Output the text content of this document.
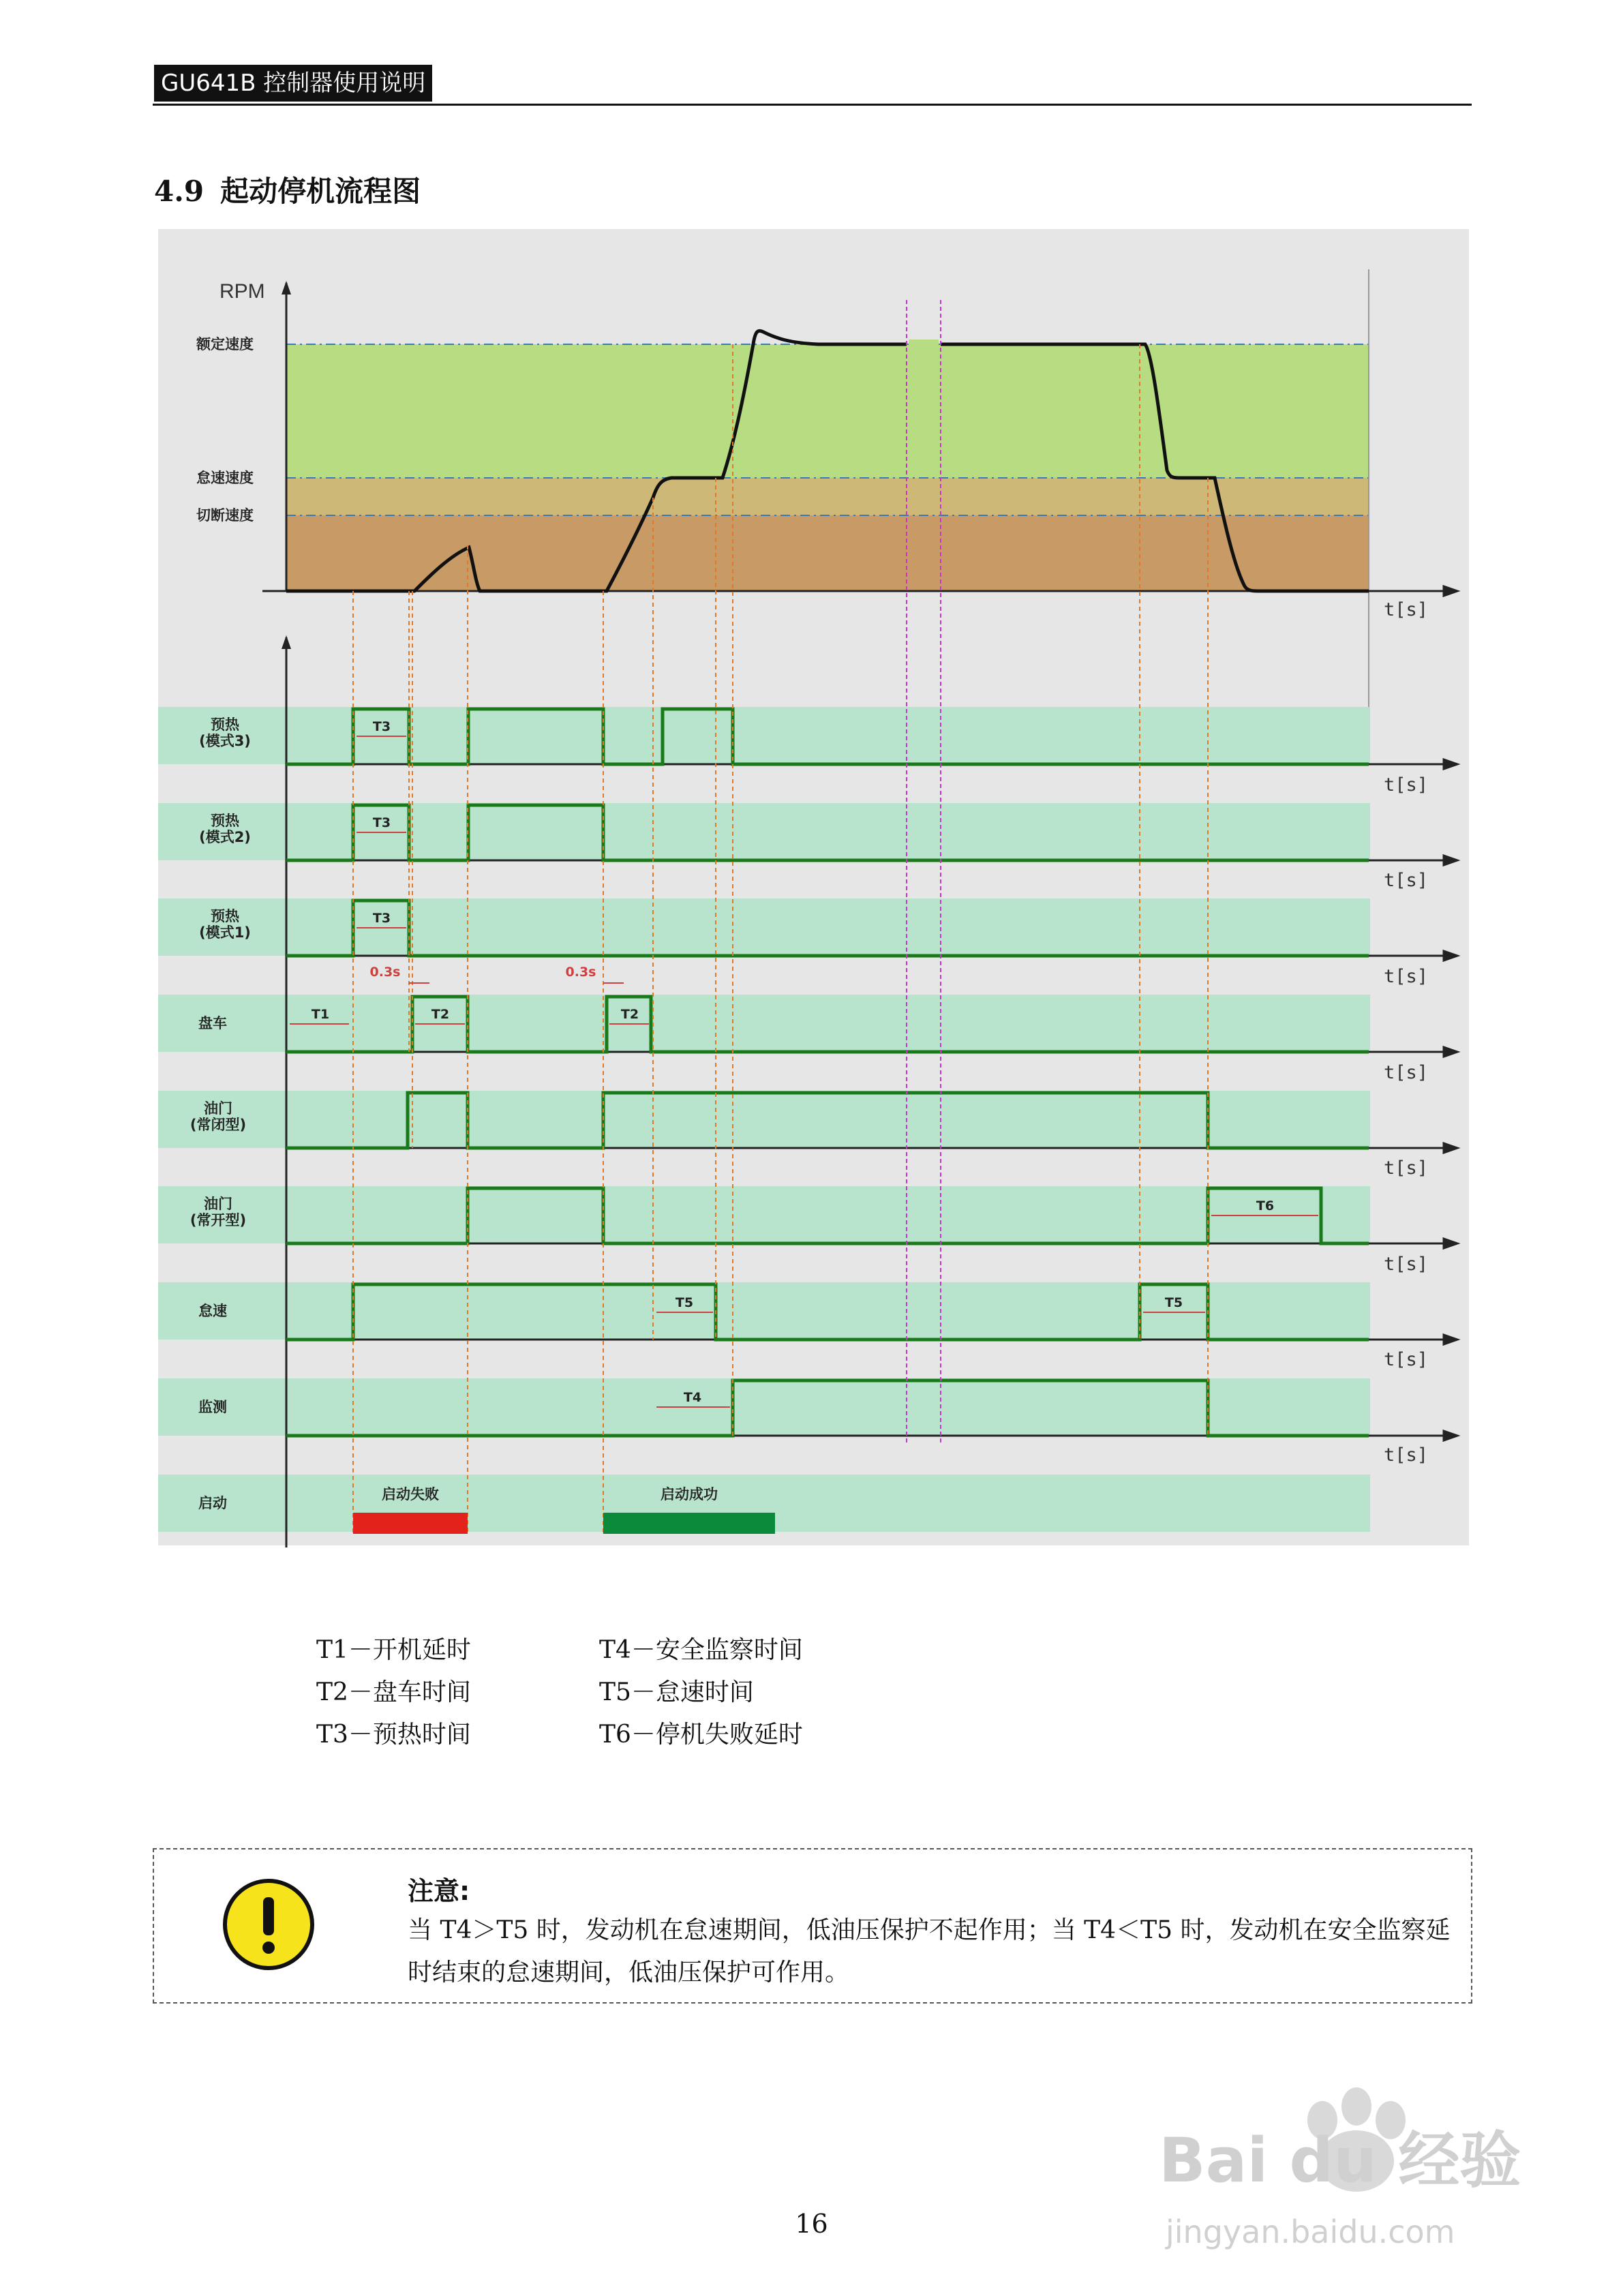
GU641B 控制器使用说明
4.9 起动停机流程图
t[s]
t[s]
t[s]
t[s]
t[s]
t[s]
t[s]
t[s]
t[s]
RPM
额定速度
怠速速度
切断速度
预热
(模式3)
预热
(模式2)
预热
(模式1)
盘车
油门
(常闭型)
油门
(常开型)
怠速
监测
启动
T3
T3
T3
T1	T2	T2
T5	T5
T4
T6
0.3s	0.3s
启动失败	启动成功
T1－开机延时	T4－安全监察时间
T2－盘车时间	T5－怠速时间
T3－预热时间	T6－停机失败延时
注意:
当 T4＞T5 时，发动机在怠速期间，低油压保护不起作用；当 T4＜T5 时，发动机在安全监察延时结束的怠速期间，低油压保护可作用。
Bai du 经验
jingyan.baidu.com
16
